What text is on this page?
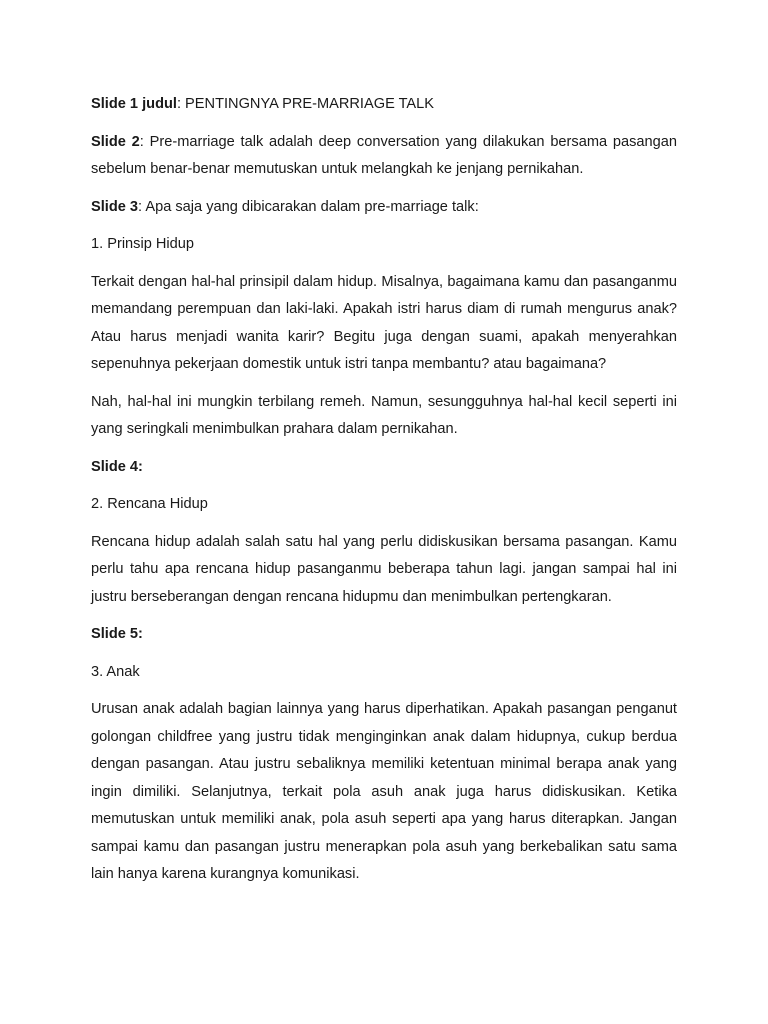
Slide 1 judul: PENTINGNYA PRE-MARRIAGE TALK

Slide 2: Pre-marriage talk adalah deep conversation yang dilakukan bersama pasangan sebelum benar-benar memutuskan untuk melangkah ke jenjang pernikahan.

Slide 3: Apa saja yang dibicarakan dalam pre-marriage talk:

1. Prinsip Hidup

Terkait dengan hal-hal prinsipil dalam hidup. Misalnya, bagaimana kamu dan pasanganmu memandang perempuan dan laki-laki. Apakah istri harus diam di rumah mengurus anak? Atau harus menjadi wanita karir? Begitu juga dengan suami, apakah menyerahkan sepenuhnya pekerjaan domestik untuk istri tanpa membantu? atau bagaimana?

Nah, hal-hal ini mungkin terbilang remeh. Namun, sesungguhnya hal-hal kecil seperti ini yang seringkali menimbulkan prahara dalam pernikahan.

Slide 4:

2. Rencana Hidup

Rencana hidup adalah salah satu hal yang perlu didiskusikan bersama pasangan. Kamu perlu tahu apa rencana hidup pasanganmu beberapa tahun lagi. jangan sampai hal ini justru berseberangan dengan rencana hidupmu dan menimbulkan pertengkaran.

Slide 5:

3. Anak

Urusan anak adalah bagian lainnya yang harus diperhatikan. Apakah pasangan penganut golongan childfree yang justru tidak menginginkan anak dalam hidupnya, cukup berdua dengan pasangan. Atau justru sebaliknya memiliki ketentuan minimal berapa anak yang ingin dimiliki. Selanjutnya, terkait pola asuh anak juga harus didiskusikan. Ketika memutuskan untuk memiliki anak, pola asuh seperti apa yang harus diterapkan. Jangan sampai kamu dan pasangan justru menerapkan pola asuh yang berkebalikan satu sama lain hanya karena kurangnya komunikasi.
